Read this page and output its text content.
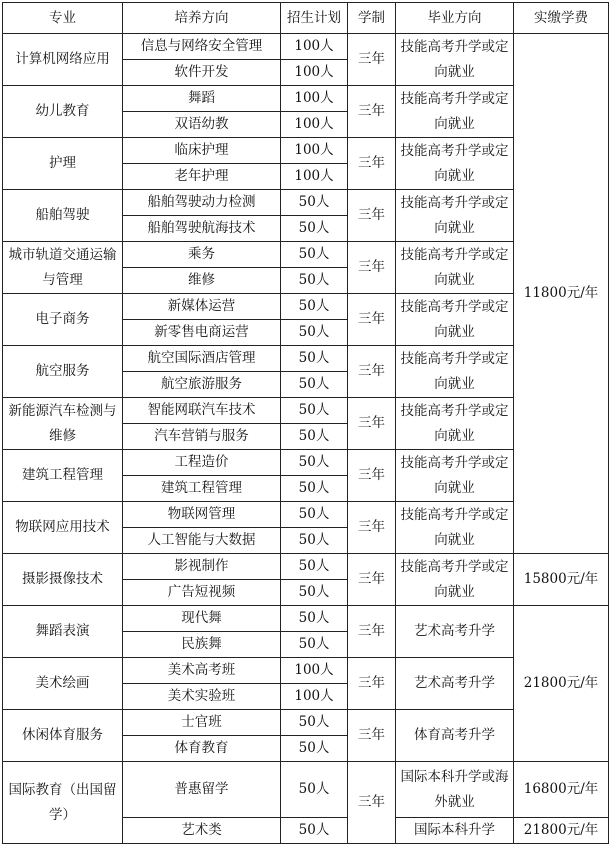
专业	培养方向	招生计划	学制	毕业方向	实缴学费
计算机网络应用	信息与网络安全管理	100人	三年	技能高考升学或定向就业	11800元/年
	软件开发	100人			
幼儿教育	舞蹈	100人	三年	技能高考升学或定向就业	
	双语幼教	100人			
护理	临床护理	100人	三年	技能高考升学或定向就业	
	老年护理	100人			
船舶驾驶	船舶驾驶动力检测	50人	三年	技能高考升学或定向就业	
	船舶驾驶航海技术	50人			
城市轨道交通运输与管理	乘务	50人	三年	技能高考升学或定向就业	
	维修	50人			
电子商务	新媒体运营	50人	三年	技能高考升学或定向就业	
	新零售电商运营	50人			
航空服务	航空国际酒店管理	50人	三年	技能高考升学或定向就业	
	航空旅游服务	50人			
新能源汽车检测与维修	智能网联汽车技术	50人	三年	技能高考升学或定向就业	
	汽车营销与服务	50人			
建筑工程管理	工程造价	50人	三年	技能高考升学或定向就业	
	建筑工程管理	50人			
物联网应用技术	物联网管理	50人	三年	技能高考升学或定向就业	
	人工智能与大数据	50人			
摄影摄像技术	影视制作	50人	三年	技能高考升学或定向就业	15800元/年
	广告短视频	50人			
舞蹈表演	现代舞	50人	三年	艺术高考升学	21800元/年
	民族舞	50人			
美术绘画	美术高考班	100人	三年	艺术高考升学	
	美术实验班	100人			
休闲体育服务	士官班	50人	三年	体育高考升学	
	体育教育	50人			
国际教育（出国留学）	普惠留学	50人	三年	国际本科升学或海外就业	16800元/年
	艺术类	50人		国际本科升学	21800元/年
